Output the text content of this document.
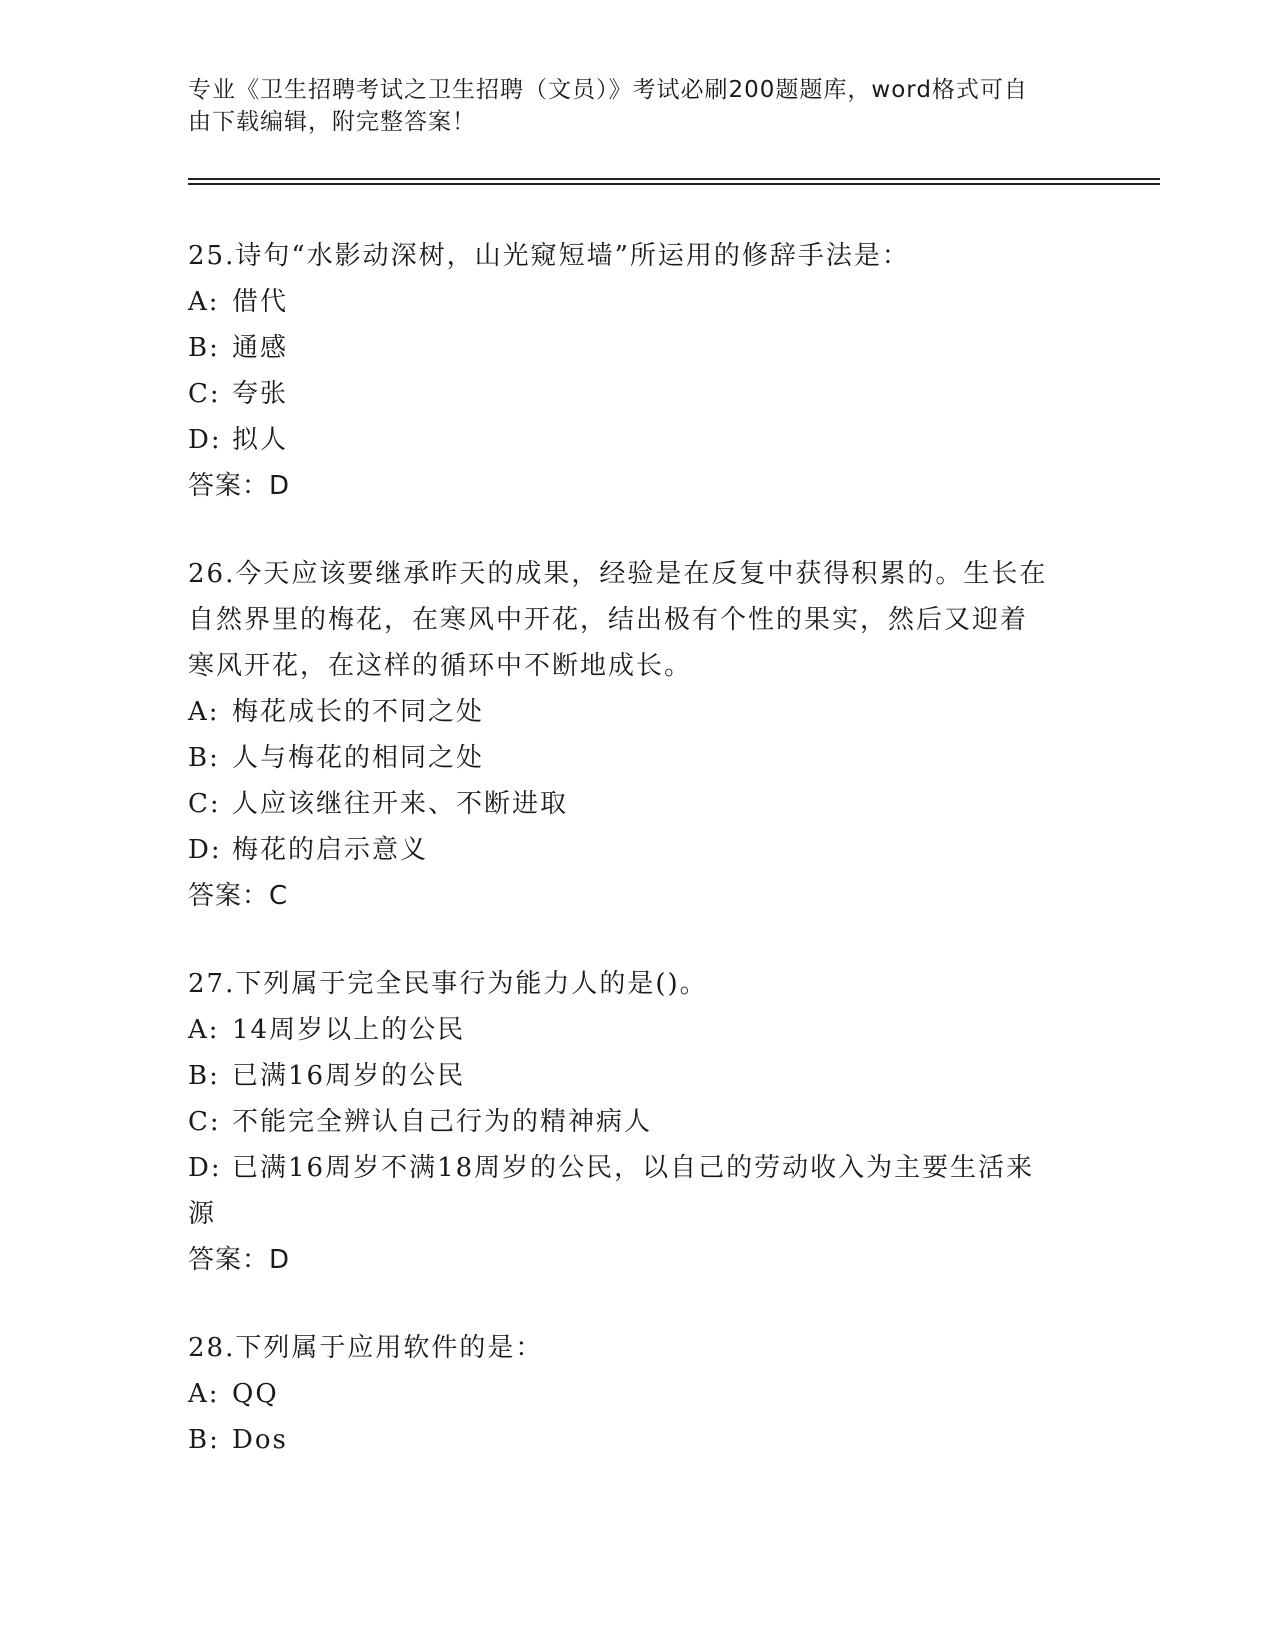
专业《卫生招聘考试之卫生招聘（文员）》考试必刷200题题库，word格式可自
由下载编辑，附完整答案！

25.诗句“水影动深树，山光窥短墙”所运用的修辞手法是：

A: 借代

B: 通感

C: 夸张

D: 拟人

答案：D

26.今天应该要继承昨天的成果，经验是在反复中获得积累的。生长在

自然界里的梅花，在寒风中开花，结出极有个性的果实，然后又迎着

寒风开花，在这样的循环中不断地成长。

A: 梅花成长的不同之处

B: 人与梅花的相同之处

C: 人应该继往开来、不断进取

D: 梅花的启示意义

答案：C

27.下列属于完全民事行为能力人的是()。

A: 14周岁以上的公民

B: 已满16周岁的公民

C: 不能完全辨认自己行为的精神病人

D: 已满16周岁不满18周岁的公民，以自己的劳动收入为主要生活来

源

答案：D

28.下列属于应用软件的是：

A: QQ

B: Dos
